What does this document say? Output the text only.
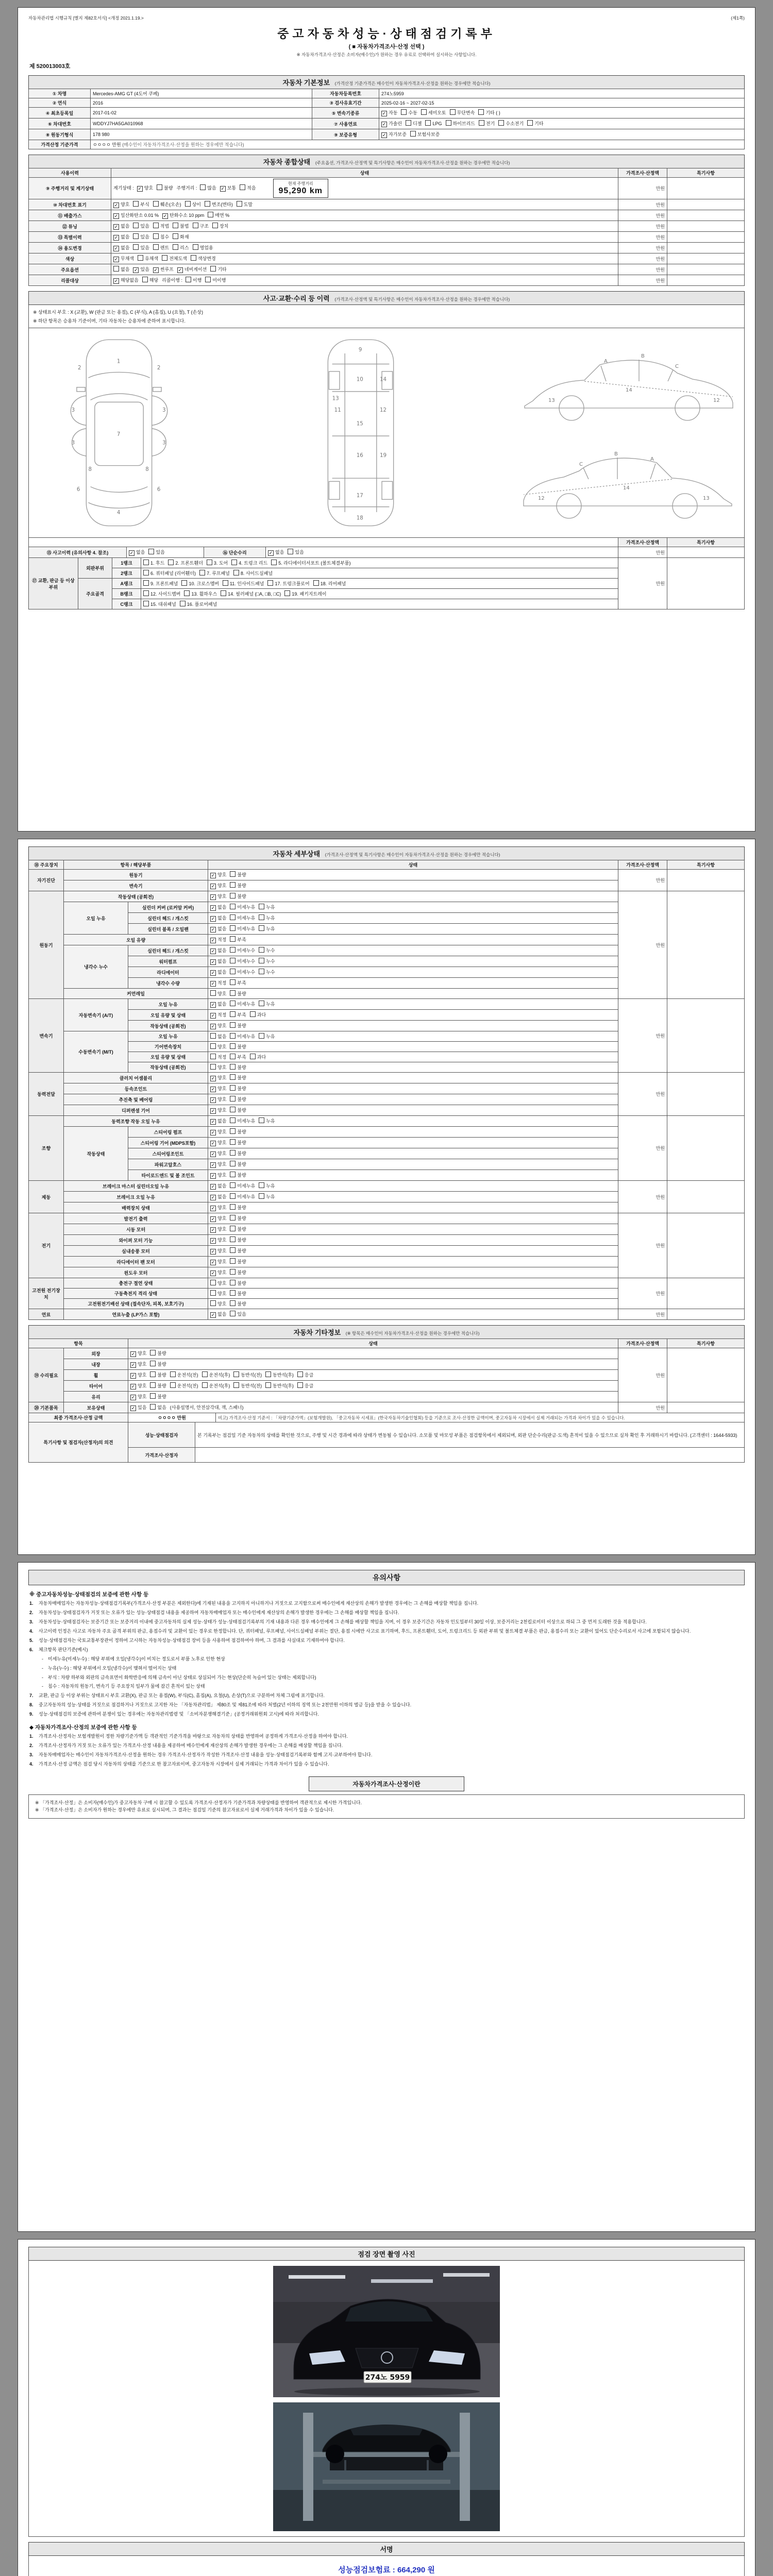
자동차관리법 시행규칙 [별지 제82호서식] <개정 2021.1.19.>	(제1쪽)
중고자동차성능·상태점검기록부
( ■ 자동차가격조사·산정 선택 )
※ 자동차가격조사·산정은 소비자(매수인)가 원하는 경우 유료로 선택하여 실시하는 사항입니다.
제 520013003호
자동차 기본정보 (가격산정 기준가격은 매수인이 자동차가격조사·산정을 원하는 경우에만 적습니다)
① 차명	Mercedes-AMG GT (4도어 쿠페)	자동차등록번호	274노5959
② 연식	2016	③ 검사유효기간	2025-02-16 ~ 2027-02-15
④ 최초등록일	2017-01-02	⑤ 변속기종류	✓ 자동 수동 세미오토 무단변속 기타 ( )
⑥ 차대번호	WDDYJ7HA5GA010968	⑦ 사용연료	✓ 가솔린 디젤 LPG 하이브리드 전기 수소전기 기타
⑧ 원동기형식	178 980	⑨ 보증유형	✓ 자가보증 보험사보증
가격산정 기준가격	ㅇㅇㅇㅇ 만원 (매수인이 자동차가격조사·산정을 원하는 경우에만 적습니다)		
자동차 종합상태 (주요옵션, 가격조사·산정액 및 특기사항은 매수인이 자동차가격조사·산정을 원하는 경우에만 적습니다)
사용이력	상태	가격조사·산정액	특기사항
⑨ 주행거리 및 계기상태	계기상태 : ✓ 양호 불량 주행거리 : 많음 ✓ 보통 적음
현재 주행거리
95,290 km	만원	
⑩ 차대번호 표기	✓ 양호 부식 훼손(오손) 상이 변조(변타) 도말	만원	
⑪ 배출가스	✓ 일산화탄소 0.01 % ✓ 탄화수소 10 ppm 매연 %	만원	
⑫ 튜닝	✓ 없음 있음 적법 불법 구조 장치	만원	
⑬ 특별이력	✓ 없음 있음 침수 화재	만원	
⑭ 용도변경	✓ 없음 있음 렌트 리스 영업용	만원	
색상	✓ 무채색 유채색 전체도색 색상변경	만원	
주요옵션	없음 ✓ 있음 ✓ 썬루프 ✓ 네비게이션 기타	만원	
리콜대상	✓ 해당없음 해당 리콜이행 : 이행 미이행	만원	
사고·교환·수리 등 이력 (가격조사·산정액 및 특기사항은 매수인이 자동차가격조사·산정을 원하는 경우에만 적습니다)
※ 상태표시 부호 : X (교환), W (판금 또는 용접), C (부식), A (흠집), U (요철), T (손상)
※ 하단 항목은 승용차 기준이며, 기타 자동차는 승용차에 준하여 표시합니다.
1
2	2
3	3
3	3
7
4
6	6
8	8
9
10
11	12
13
14
15
16
17
18
19
A
B
C
13
14
12
A
B
C
13
14
12
				가격조사·산정액	특기사항
⑮ 사고이력 (유의사항 4. 참조)	✓ 없음 있음	⑯ 단순수리	✓ 없음 있음	만원	
⑰ 교환, 판금 등 이상 부위	외판부위	1랭크	1. 후드 2. 프론트휀더 3. 도어 4. 트렁크 리드 5. 라디에이터서포트 (볼트체결부품)	만원	
		2랭크	6. 쿼터패널 (리어휀더) 7. 루프패널 8. 사이드실패널		
	주요골격	A랭크	9. 프론트패널 10. 크로스멤버 11. 인사이드패널 17. 트렁크플로어 18. 리어패널		
		B랭크	12. 사이드멤버 13. 휠하우스 14. 필러패널 (□A, □B, □C) 19. 패키지트레이		
		C랭크	15. 대쉬패널 16. 플로어패널		
자동차 세부상태 (가격조사·산정액 및 특기사항은 매수인이 자동차가격조사·산정을 원하는 경우에만 적습니다)
⑱ 주요장치	항목 / 해당부품		상태	가격조사·산정액	특기사항
자기진단	원동기		✓ 양호 불량	만원	
	변속기		✓ 양호 불량		
원동기	작동상태 (공회전)		✓ 양호 불량	만원	
	오일 누유	실린더 커버 (로커암 커버)	✓ 없음 미세누유 누유		
		실린더 헤드 / 개스킷	✓ 없음 미세누유 누유		
		실린더 블록 / 오일팬	✓ 없음 미세누유 누유		
	오일 유량		✓ 적정 부족		
	냉각수 누수	실린더 헤드 / 개스킷	✓ 없음 미세누수 누수		
		워터펌프	✓ 없음 미세누수 누수		
		라디에이터	✓ 없음 미세누수 누수		
		냉각수 수량	✓ 적정 부족		
	커먼레일		양호 불량		
변속기	자동변속기 (A/T)	오일 누유	✓ 없음 미세누유 누유	만원	
		오일 유량 및 상태	✓ 적정 부족 과다		
		작동상태 (공회전)	✓ 양호 불량		
	수동변속기 (M/T)	오일 누유	없음 미세누유 누유		
		기어변속장치	양호 불량		
		오일 유량 및 상태	적정 부족 과다		
		작동상태 (공회전)	양호 불량		
동력전달	클러치 어셈블리		✓ 양호 불량	만원	
	등속조인트		✓ 양호 불량		
	추진축 및 베어링		✓ 양호 불량		
	디퍼렌셜 기어		✓ 양호 불량		
조향	동력조향 작동 오일 누유		✓ 없음 미세누유 누유	만원	
	작동상태	스티어링 펌프	✓ 양호 불량		
		스티어링 기어 (MDPS포함)	✓ 양호 불량		
		스티어링조인트	✓ 양호 불량		
		파워고압호스	✓ 양호 불량		
		타이로드엔드 및 볼 조인트	✓ 양호 불량		
제동	브레이크 마스터 실린더오일 누유		✓ 없음 미세누유 누유	만원	
	브레이크 오일 누유		✓ 없음 미세누유 누유		
	배력장치 상태		✓ 양호 불량		
전기	발전기 출력		✓ 양호 불량	만원	
	시동 모터		✓ 양호 불량		
	와이퍼 모터 기능		✓ 양호 불량		
	실내송풍 모터		✓ 양호 불량		
	라디에이터 팬 모터		✓ 양호 불량		
	윈도우 모터		✓ 양호 불량		
고전원 전기장치	충전구 절연 상태		양호 불량	만원	
	구동축전지 격리 상태		양호 불량		
	고전원전기배선 상태 (접속단자, 피복, 보호기구)		양호 불량		
연료	연료누출 (LP가스 포함)		✓ 없음 있음	만원	
자동차 기타정보 (※ 항목은 매수인이 자동차가격조사·산정을 원하는 경우에만 적습니다)
항목		상태	가격조사·산정액	특기사항
⑲ 수리필요	외장	✓ 양호 불량	만원	
	내장	✓ 양호 불량		
	휠	✓ 양호 불량 운전석(전) 운전석(후) 동반석(전) 동반석(후) 응급		
	타이어	✓ 양호 불량 운전석(전) 운전석(후) 동반석(전) 동반석(후) 응급		
	유리	✓ 양호 불량		
⑳ 기본품목	보유상태	✓ 있음 없음 (사용설명서, 안전삼각대, 잭, 스패너)	만원	
최종 가격조사·산정 금액	ㅇㅇㅇㅇ 만원	비고) 가격조사·산정 기준서 : 「차량기준가액」(보험개발원), 「중고자동차 시세표」(한국자동차기술인협회) 등을 기준으로 조사·산정한 금액이며, 중고자동차 시장에서 실제 거래되는 가격과 차이가 있을 수 있습니다.
특기사항 및 점검자(산정자)의 의견	성능·상태점검자	본 기록부는 점검일 기준 자동차의 상태를 확인한 것으로, 주행 및 시간 경과에 따라 상태가 변동될 수 있습니다. 소모품 및 마모성 부품은 점검항목에서 제외되며, 외판 단순수리(판금·도색) 흔적이 있을 수 있으므로 실차 확인 후 거래하시기 바랍니다. (고객센터 : 1644-5933)
	가격조사·산정자	
유의사항
※ 중고자동차성능·상태점검의 보증에 관한 사항 등
1.	자동차매매업자는 자동차성능·상태점검기록부(가격조사·산정 부분은 제외한다)에 기재된 내용을 고지하지 아니하거나 거짓으로 고지함으로써 매수인에게 재산상의 손해가 발생한 경우에는 그 손해를 배상할 책임을 집니다.
2.	자동차성능·상태점검자가 거짓 또는 오류가 있는 성능·상태점검 내용을 제공하여 자동차매매업자 또는 매수인에게 재산상의 손해가 발생한 경우에는 그 손해를 배상할 책임을 집니다.
3.	자동차성능·상태점검자는 보증기간 또는 보증거리 이내에 중고자동차의 실제 성능·상태가 성능·상태점검기록부의 기재 내용과 다른 경우 매수인에게 그 손해를 배상할 책임을 지며, 이 경우 보증기간은 자동차 인도일부터 30일 이상, 보증거리는 2천킬로미터 이상으로 하되 그 중 먼저 도래한 것을 적용합니다.
4.	사고이력 인정은 사고로 자동차 주요 골격 부위의 판금, 용접수리 및 교환이 있는 경우로 한정합니다. 단, 쿼터패널, 루프패널, 사이드실패널 부위는 절단, 용접 시에만 사고로 표기하며, 후드, 프론트휀더, 도어, 트렁크리드 등 외판 부위 및 볼트체결 부품은 판금, 용접수리 또는 교환이 있어도 단순수리로서 사고에 포함되지 않습니다.
5.	성능·상태점검자는 국토교통부장관이 정하여 고시하는 자동차성능·상태점검 장비 등을 사용하여 점검하여야 하며, 그 결과를 사실대로 기재하여야 합니다.
6.	체크항목 판단기준(예시)
-	미세누유(미세누수) : 해당 부위에 오일(냉각수)이 비치는 정도로서 부품 노후로 인한 현상
-	누유(누수) : 해당 부위에서 오일(냉각수)이 맺혀서 떨어지는 상태
-	부식 : 차량 하부와 외판의 금속표면이 화학반응에 의해 금속이 아닌 상태로 상실되어 가는 현상(단순히 녹슬어 있는 상태는 제외합니다)
-	침수 : 자동차의 원동기, 변속기 등 주요장치 일부가 물에 잠긴 흔적이 있는 상태
7.	교환, 판금 등 이상 부위는 상태표시 부호 교환(X), 판금 또는 용접(W), 부식(C), 흠집(A), 요철(U), 손상(T)으로 구분하여 차체 그림에 표기합니다.
8.	중고자동차의 성능·상태를 거짓으로 점검하거나 거짓으로 고지한 자는 「자동차관리법」 제80조 및 제81조에 따라 처벌(2년 이하의 징역 또는 2천만원 이하의 벌금 등)을 받을 수 있습니다.
9.	성능·상태점검의 보증에 관하여 분쟁이 있는 경우에는 자동차관리법령 및 「소비자분쟁해결기준」(공정거래위원회 고시)에 따라 처리합니다.
◆ 자동차가격조사·산정의 보증에 관한 사항 등
1.	가격조사·산정자는 보험개발원이 정한 차량기준가액 등 객관적인 기준가격을 바탕으로 자동차의 상태를 반영하여 공정하게 가격조사·산정을 하여야 합니다.
2.	가격조사·산정자가 거짓 또는 오류가 있는 가격조사·산정 내용을 제공하여 매수인에게 재산상의 손해가 발생한 경우에는 그 손해를 배상할 책임을 집니다.
3.	자동차매매업자는 매수인이 자동차가격조사·산정을 원하는 경우 가격조사·산정자가 작성한 가격조사·산정 내용을 성능·상태점검기록부와 함께 고지·교부하여야 합니다.
4.	가격조사·산정 금액은 점검 당시 자동차의 상태를 기준으로 한 참고자료이며, 중고자동차 시장에서 실제 거래되는 가격과 차이가 있을 수 있습니다.
자동차가격조사·산정이란
※ 「가격조사·산정」은 소비자(매수인)가 중고자동차 구매 시 참고할 수 있도록 가격조사·산정자가 기준가격과 차량상태를 반영하여 객관적으로 제시한 가격입니다.
※ 「가격조사·산정」은 소비자가 원하는 경우에만 유료로 실시되며, 그 결과는 점검일 기준의 참고자료로서 실제 거래가격과 차이가 있을 수 있습니다.
점검 장면 촬영 사진
274노 5959
서명
성능점검보험료 : 664,290 원
